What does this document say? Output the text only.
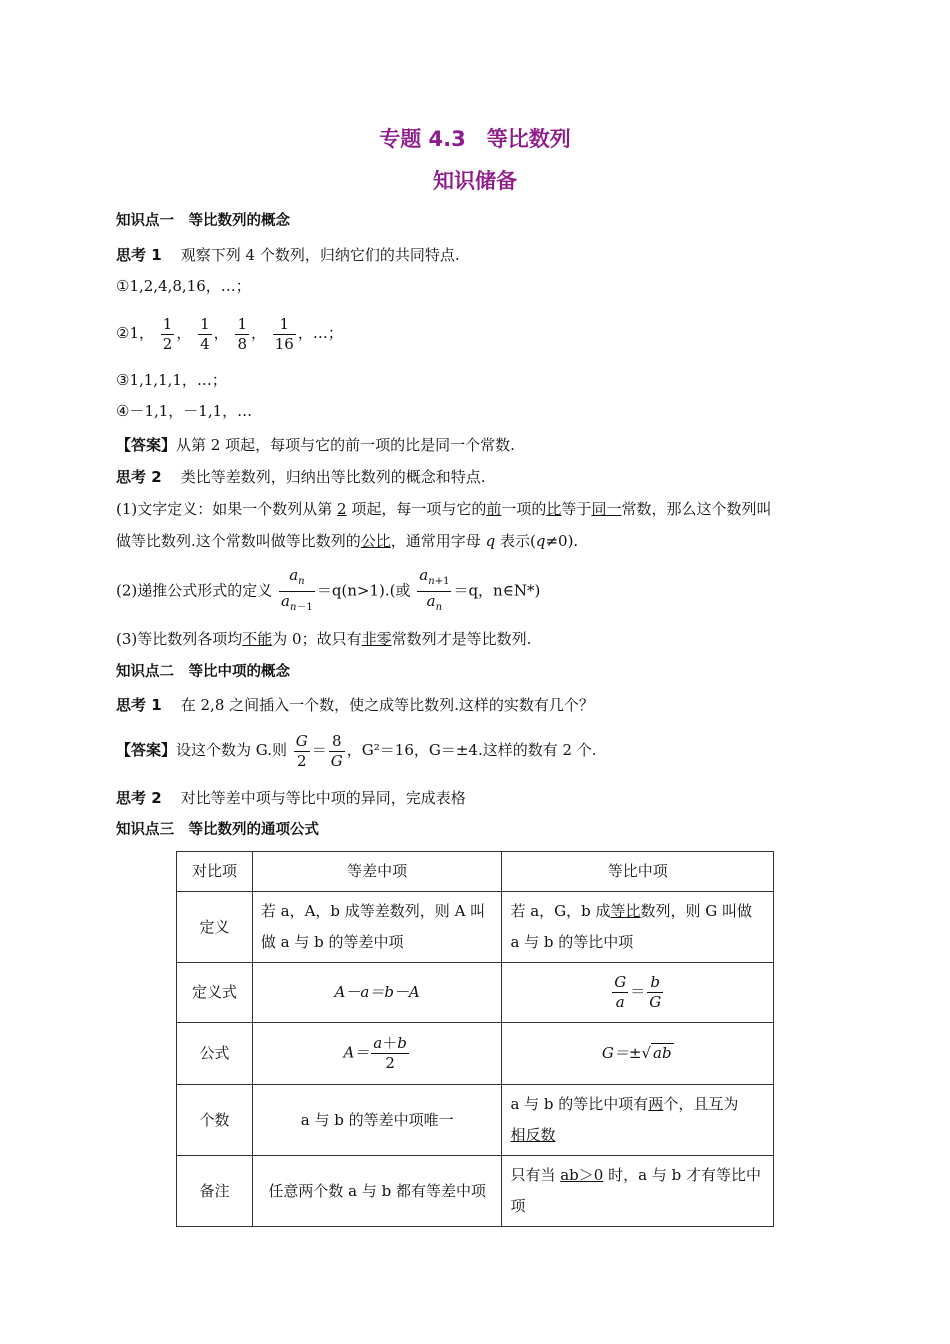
专题 4.3　等比数列
知识储备
知识点一　等比数列的概念
思考 1 观察下列 4 个数列，归纳它们的共同特点.
①1,2,4,8,16，…；
②1， $\frac{1}{2}$ ， $\frac{1}{4}$ ， $\frac{1}{8}$ ， $\frac{1}{16}$ ，…；
③1,1,1,1，…；
④－1,1，－1,1，…
【答案】从第 2 项起，每项与它的前一项的比是同一个常数.
思考 2 类比等差数列，归纳出等比数列的概念和特点.
(1)文字定义：如果一个数列从第 2 项起，每一项与它的前一项的比等于同一常数，那么这个数列叫
做等比数列.这个常数叫做等比数列的公比，通常用字母 q 表示(q≠0).
(2)递推公式形式的定义 $\frac{a_n}{a_{n-1}} =q(n>1)$.(或 $\frac{a_{n+1}}{a_n} =q$，n∈N*)
(3)等比数列各项均不能为 0；故只有非零常数列才是等比数列.
知识点二　等比中项的概念
思考 1 在 2,8 之间插入一个数，使之成等比数列.这样的实数有几个？
【答案】设这个数为 G.则 $\frac{G}{2} = \frac{8}{G}$ ，G²＝16，G＝±4.这样的数有 2 个.
思考 2 对比等差中项与等比中项的异同，完成表格
知识点三　等比数列的通项公式
对比项	等差中项	等比中项
定义	若 a，A，b 成等差数列，则 A 叫做 a 与 b 的等差中项	若 a，G，b 成等比数列，则 G 叫做 a 与 b 的等比中项
定义式	A－a＝b－A	$\frac{G}{a} = \frac{b}{G}$

公式	$A= \frac{a+b}{2}$	G＝±√ ab
个数	a 与 b 的等差中项唯一	a 与 b 的等比中项有两个，且互为
相反数
备注	任意两个数 a 与 b 都有等差中项	只有当 ab＞0 时，a 与 b 才有等比中项
